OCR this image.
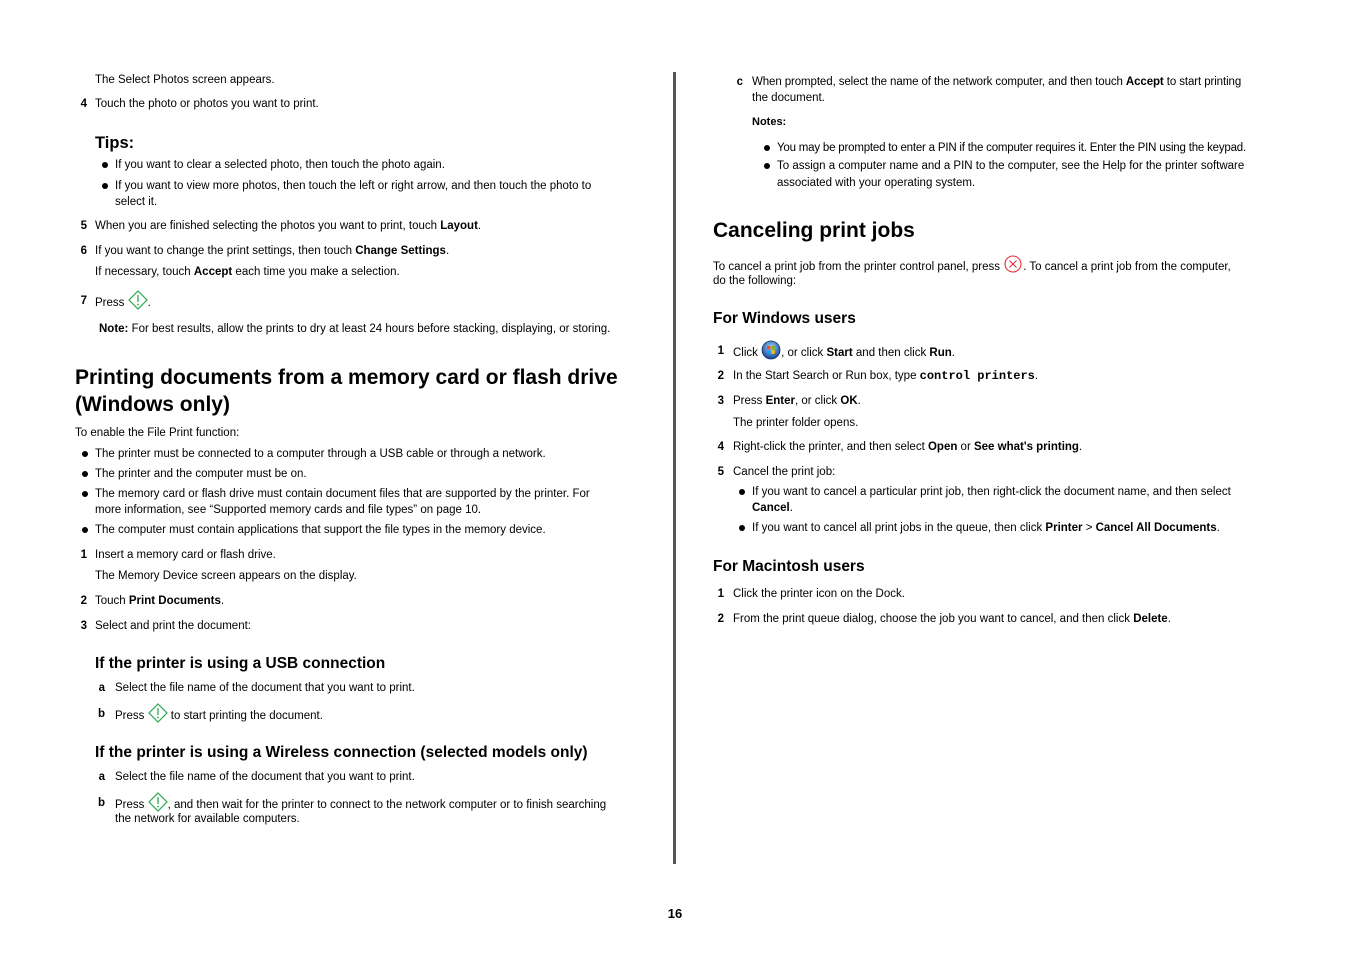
The Select Photos screen appears.
4 Touch the photo or photos you want to print.
Tips:
If you want to clear a selected photo, then touch the photo again.
If you want to view more photos, then touch the left or right arrow, and then touch the photo to
select it.
5 When you are finished selecting the photos you want to print, touch Layout.
6 If you want to change the print settings, then touch Change Settings.
If necessary, touch Accept each time you make a selection.
7 Press .
Note: For best results, allow the prints to dry at least 24 hours before stacking, displaying, or storing.
Printing documents from a memory card or flash drive
(Windows only)
To enable the File Print function:
The printer must be connected to a computer through a USB cable or through a network.
The printer and the computer must be on.
The memory card or flash drive must contain document files that are supported by the printer. For
more information, see “Supported memory cards and file types” on page 10.
The computer must contain applications that support the file types in the memory device.
1 Insert a memory card or flash drive.
The Memory Device screen appears on the display.
2 Touch Print Documents.
3 Select and print the document:
If the printer is using a USB connection
a Select the file name of the document that you want to print.
b Press  to start printing the document.
If the printer is using a Wireless connection (selected models only)
a Select the file name of the document that you want to print.
b Press , and then wait for the printer to connect to the network computer or to finish searching
the network for available computers.
c When prompted, select the name of the network computer, and then touch Accept to start printing
the document.
Notes:
You may be prompted to enter a PIN if the computer requires it. Enter the PIN using the keypad.
To assign a computer name and a PIN to the computer, see the Help for the printer software
associated with your operating system.
Canceling print jobs
To cancel a print job from the printer control panel, press . To cancel a print job from the computer,
do the following:
For Windows users
1 Click , or click Start and then click Run.
2 In the Start Search or Run box, type control printers.
3 Press Enter, or click OK.
The printer folder opens.
4 Right-click the printer, and then select Open or See what's printing.
5 Cancel the print job:
If you want to cancel a particular print job, then right-click the document name, and then select
Cancel.
If you want to cancel all print jobs in the queue, then click Printer > Cancel All Documents.
For Macintosh users
1 Click the printer icon on the Dock.
2 From the print queue dialog, choose the job you want to cancel, and then click Delete.
16
